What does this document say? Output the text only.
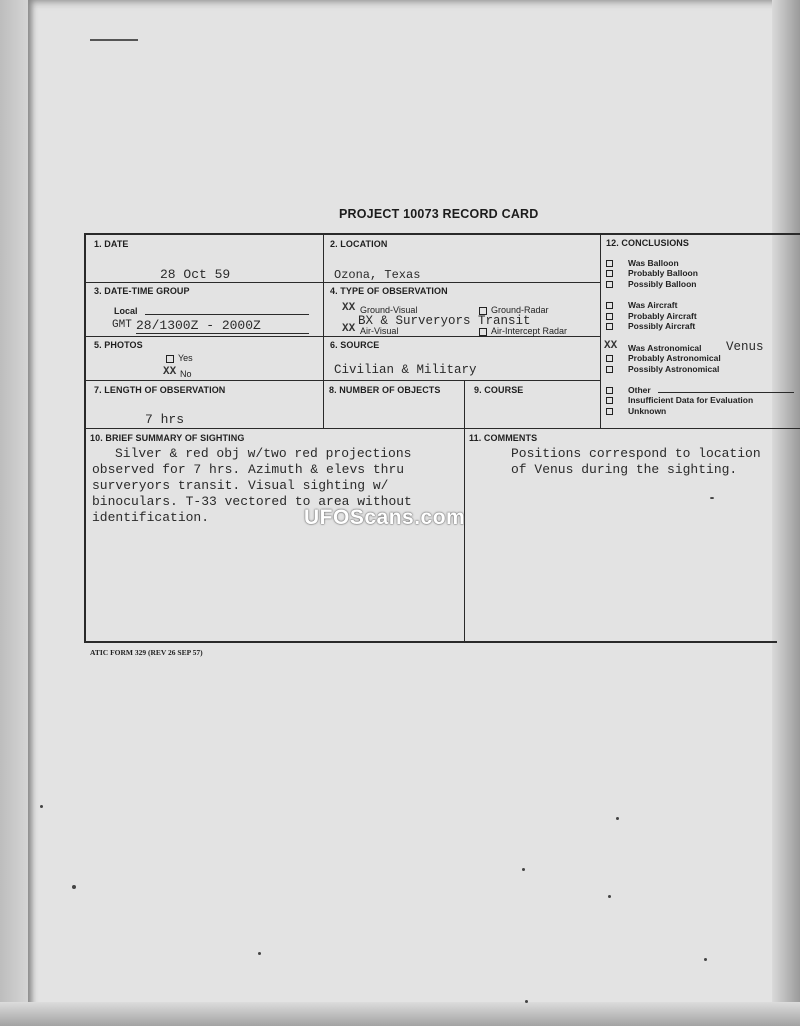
PROJECT 10073 RECORD CARD
1. DATE
28 Oct 59
2. LOCATION
Ozona, Texas
3. DATE-TIME GROUP
Local
GMT 28/1300Z - 2000Z
4. TYPE OF OBSERVATION
XX Ground-Visual	Ground-Radar
BX & Surveryors Transit
XX Air-Visual	Air-Intercept Radar
5. PHOTOS
Yes
XX No
6. SOURCE
Civilian & Military
7. LENGTH OF OBSERVATION
7 hrs
8. NUMBER OF OBJECTS	9. COURSE
10. BRIEF SUMMARY OF SIGHTING
Silver & red obj w/two red projections
observed for 7 hrs. Azimuth & elevs thru
surveryors transit. Visual sighting w/
binoculars. T-33 vectored to area without
identification.
11. COMMENTS
Positions correspond to location
of Venus during the sighting.
12. CONCLUSIONS
Was Balloon
Probably Balloon
Possibly Balloon
Was Aircraft
Probably Aircraft
Possibly Aircraft
XX Was Astronomical Venus
Probably Astronomical
Possibly Astronomical
Other
Insufficient Data for Evaluation
Unknown
ATIC FORM 329 (REV 26 SEP 57)
UFOScans.com
